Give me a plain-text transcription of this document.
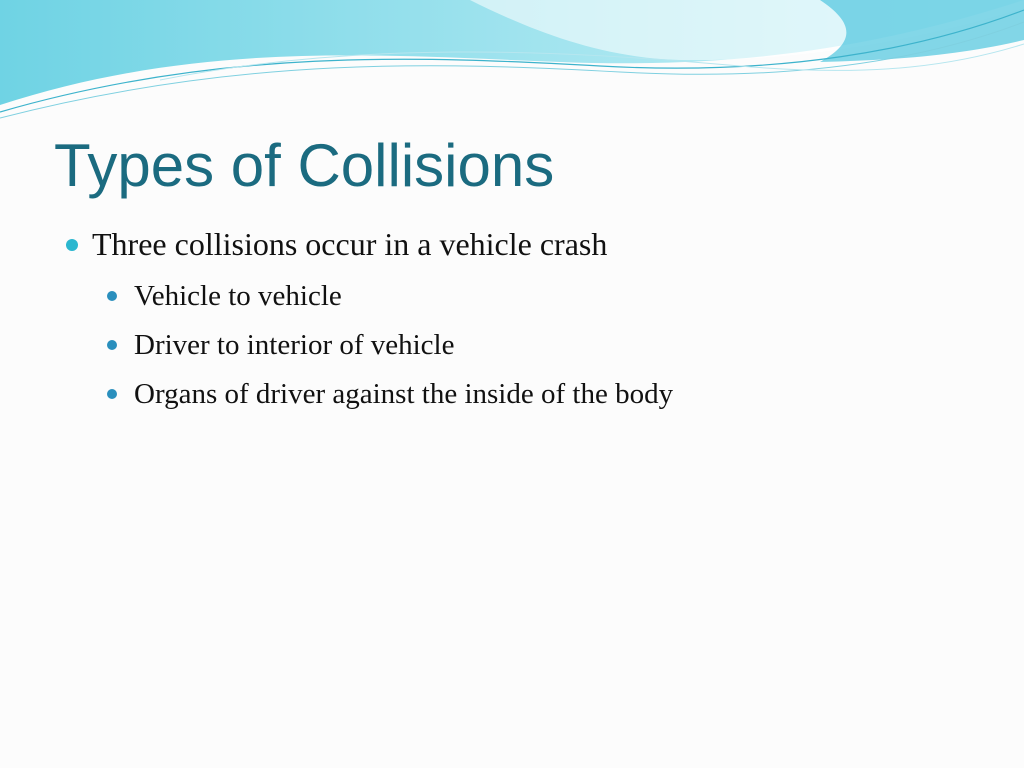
Types of Collisions
Three collisions occur in a vehicle crash
Vehicle to vehicle
Driver to interior of vehicle
Organs of driver against the inside of the body
